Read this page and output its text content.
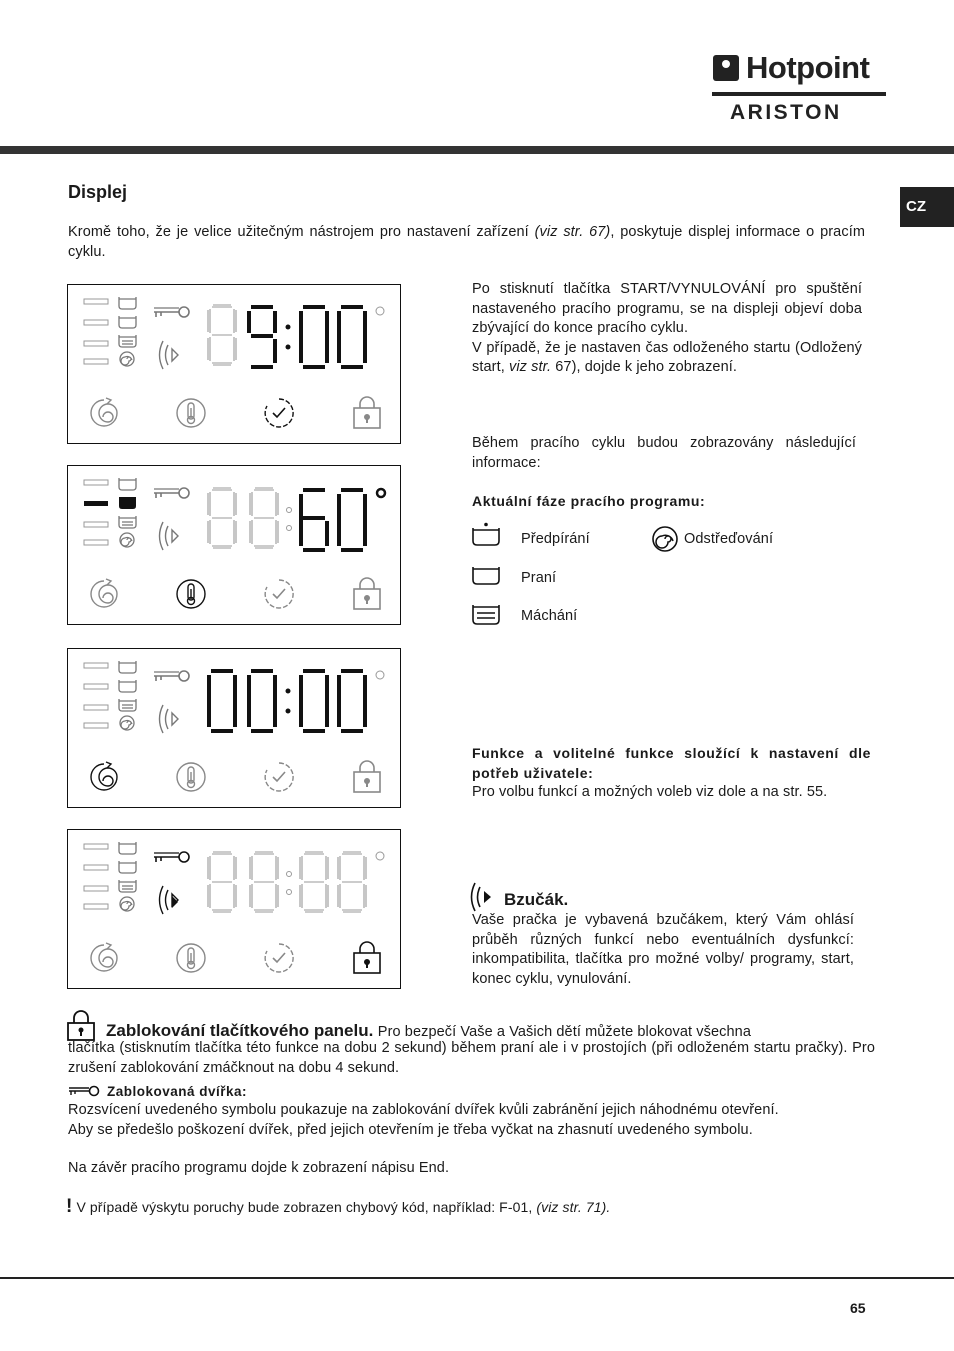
Hotpoint
ARISTON
CZ
Displej
Kromě toho, že je velice užitečným nástrojem pro nastavení zařízení (viz str. 67), poskytuje displej informace o pracím cyklu.
Po stisknutí tlačítka START/VYNULOVÁNÍ pro spuštění nastaveného pracího programu, se na displeji objeví doba zbývající do konce pracího cyklu.
V případě, že je nastaven čas odloženého startu (Odložený start, viz str. 67), dojde k jeho zobrazení.
Během pracího cyklu budou zobrazovány následující informace:
Aktuální fáze pracího programu:
Předpírání	Odstřeďování
Praní
Máchání
Funkce a volitelné funkce sloužící k nastavení dle potřeb uživatele:
Pro volbu funkcí a možných voleb viz dole a na str. 55.
Bzučák.
Vaše pračka je vybavená bzučákem, který Vám ohlásí průběh různých funkcí nebo eventuálních dysfunkcí: inkompatibilita, tlačítka pro možné volby/ programy, start, konec cyklu, vynulování.
Zablokování tlačítkového panelu. Pro bezpečí Vaše a Vašich dětí můžete blokovat všechna
tlačítka (stisknutím tlačítka této funkce na dobu 2 sekund) během praní ale i v prostojích (při odloženém startu pračky). Pro zrušení zablokování zmáčknout na dobu 4 sekund.
Zablokovaná dvířka:
Rozsvícení uvedeného symbolu poukazuje na zablokování dvířek kvůli zabránění jejich náhodnému otevření.
Aby se předešlo poškození dvířek, před jejich otevřením je třeba vyčkat na zhasnutí uvedeného symbolu.
Na závěr pracího programu dojde k zobrazení nápisu End.
! V případě výskytu poruchy bude zobrazen chybový kód, například: F-01, (viz str. 71).
65
